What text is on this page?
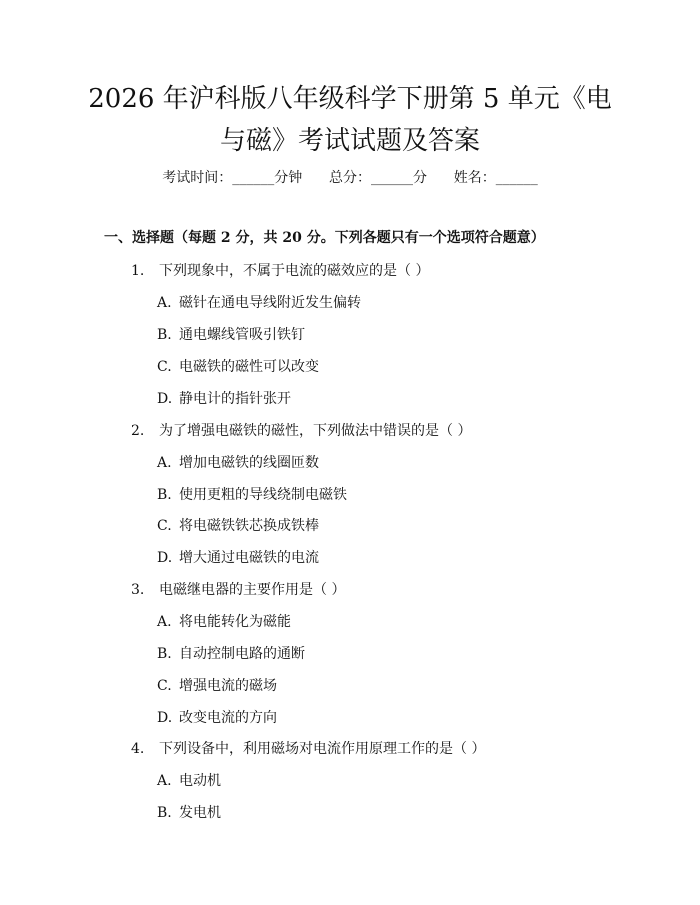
2026 年沪科版八年级科学下册第 5 单元《电
与磁》考试试题及答案
考试时间：______分钟      总分：______分      姓名：______
一、选择题（每题 2 分，共 20 分。下列各题只有一个选项符合题意）
1. 下列现象中，不属于电流的磁效应的是（ ）
A. 磁针在通电导线附近发生偏转
B. 通电螺线管吸引铁钉
C. 电磁铁的磁性可以改变
D. 静电计的指针张开
2. 为了增强电磁铁的磁性，下列做法中错误的是（ ）
A. 增加电磁铁的线圈匝数
B. 使用更粗的导线绕制电磁铁
C. 将电磁铁铁芯换成铁棒
D. 增大通过电磁铁的电流
3. 电磁继电器的主要作用是（ ）
A. 将电能转化为磁能
B. 自动控制电路的通断
C. 增强电流的磁场
D. 改变电流的方向
4. 下列设备中，利用磁场对电流作用原理工作的是（ ）
A. 电动机
B. 发电机
